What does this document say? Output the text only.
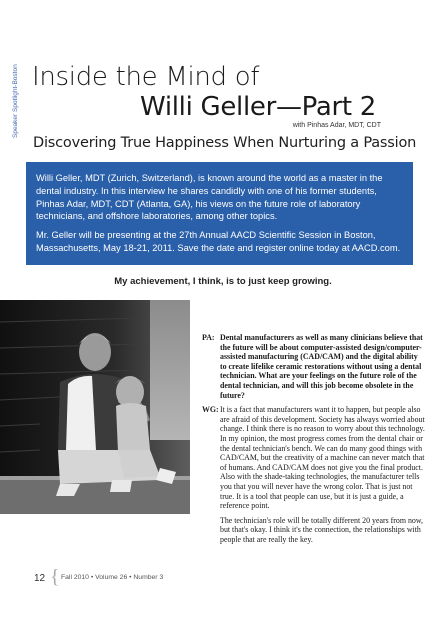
Speaker Spotlight-Boston Inside the Mind of
Willi Geller—Part 2
with Pinhas Adar, MDT, CDT
Discovering True Happiness When Nurturing a Passion

Willi Geller, MDT (Zurich, Switzerland), is known around the world as a master in the dental industry. In this interview he shares candidly with one of his former students, Pinhas Adar, MDT, CDT (Atlanta, GA), his views on the future role of laboratory technicians, and offshore laboratories, among other topics.

Mr. Geller will be presenting at the 27th Annual AACD Scientific Session in Boston, Massachusetts, May 18-21, 2011. Save the date and register online today at AACD.com.

My achievement, I think, is to just keep growing.
PA: Dental manufacturers as well as many clinicians believe that the future will be about computer-assisted design/computer-assisted manufacturing (CAD/CAM) and the digital ability to create lifelike ceramic restorations without using a dental technician. What are your feelings on the future role of the dental technician, and will this job become obsolete in the future?
WG: It is a fact that manufacturers want it to happen, but people also are afraid of this development. Society has always worried about change. I think there is no reason to worry about this technology. In my opinion, the most progress comes from the dental chair or the dental technician's bench. We can do many good things with CAD/CAM, but the creativity of a machine can never match that of humans. And CAD/CAM does not give you the final product. Also with the shade-taking technologies, the manufacturer tells you that you will never have the wrong color. That is just not true. It is a tool that people can use, but it is just a guide, a reference point.
The technician's role will be totally different 20 years from now, but that's okay. I think it's the connection, the relationships with people that are really the key.
12 { Fall 2010 • Volume 26 • Number 3
